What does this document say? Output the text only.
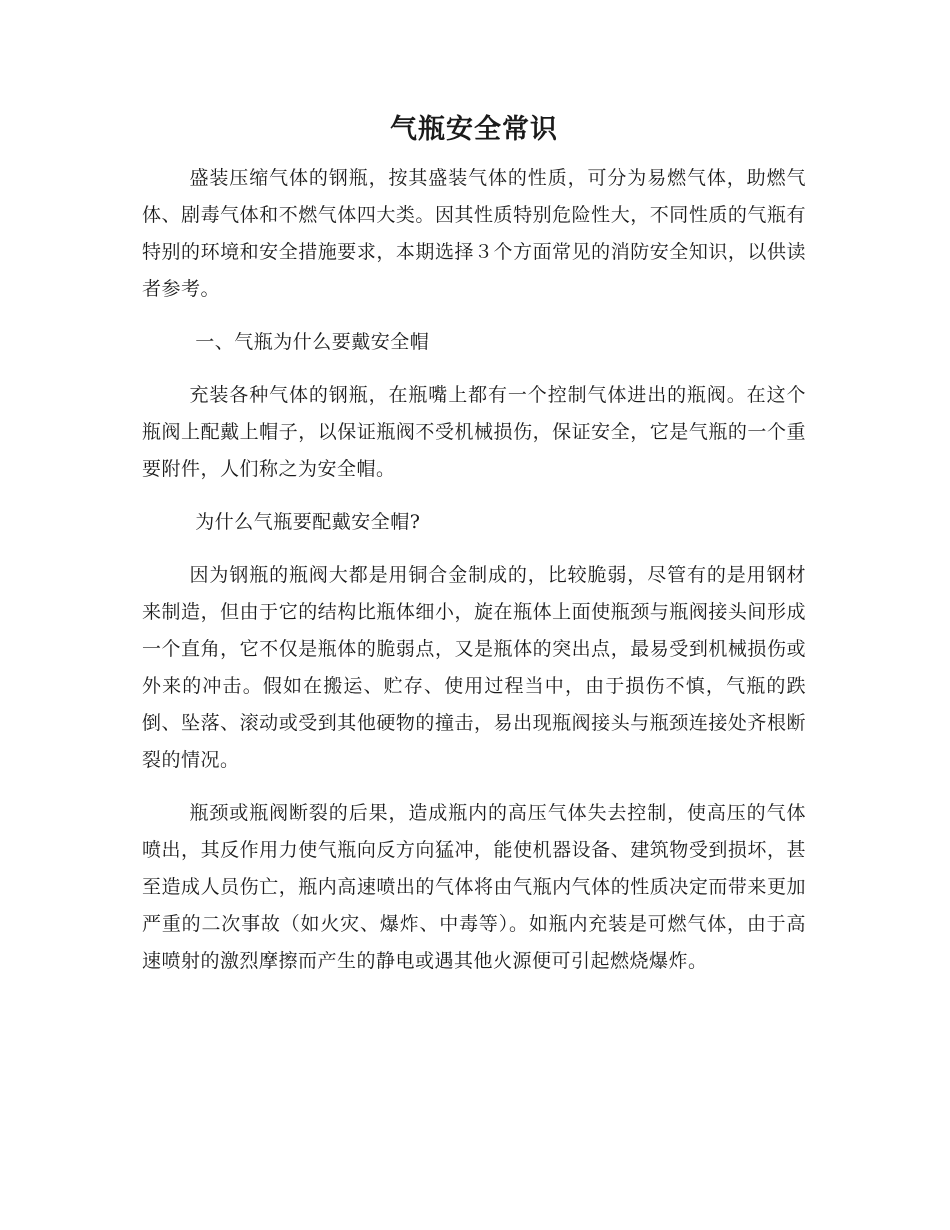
气瓶安全常识

盛装压缩气体的钢瓶，按其盛装气体的性质，可分为易燃气体，助燃气体、剧毒气体和不燃气体四大类。因其性质特别危险性大，不同性质的气瓶有特别的环境和安全措施要求，本期选择３个方面常见的消防安全知识，以供读者参考。

一、气瓶为什么要戴安全帽

充装各种气体的钢瓶，在瓶嘴上都有一个控制气体进出的瓶阀。在这个瓶阀上配戴上帽子，以保证瓶阀不受机械损伤，保证安全，它是气瓶的一个重要附件，人们称之为安全帽。

为什么气瓶要配戴安全帽?

因为钢瓶的瓶阀大都是用铜合金制成的，比较脆弱，尽管有的是用钢材来制造，但由于它的结构比瓶体细小，旋在瓶体上面使瓶颈与瓶阀接头间形成一个直角，它不仅是瓶体的脆弱点，又是瓶体的突出点，最易受到机械损伤或外来的冲击。假如在搬运、贮存、使用过程当中，由于损伤不慎，气瓶的跌倒、坠落、滚动或受到其他硬物的撞击，易出现瓶阀接头与瓶颈连接处齐根断裂的情况。

瓶颈或瓶阀断裂的后果，造成瓶内的高压气体失去控制，使高压的气体喷出，其反作用力使气瓶向反方向猛冲，能使机器设备、建筑物受到损坏，甚至造成人员伤亡，瓶内高速喷出的气体将由气瓶内气体的性质决定而带来更加严重的二次事故（如火灾、爆炸、中毒等）。如瓶内充装是可燃气体，由于高速喷射的激烈摩擦而产生的静电或遇其他火源便可引起燃烧爆炸。
